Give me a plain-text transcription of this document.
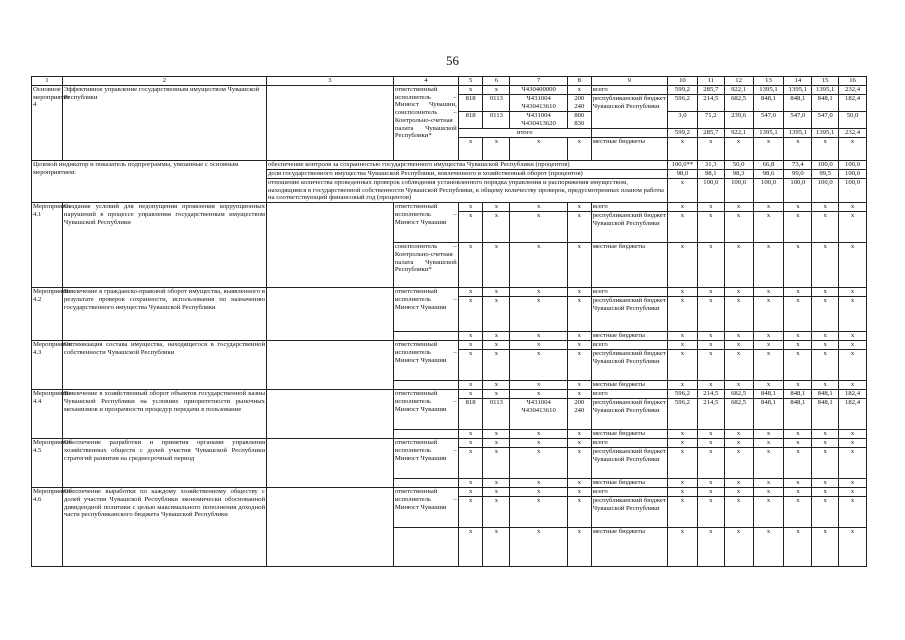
56
1	2	3	4	5	6	7	8	9	10	11	12	13	14	15	16
Основное мероприятие 4	Эффективное управление государственным имуществом Чувашской Республики		ответственный исполнитель – Минюст Чувашии, соисполнитель – Контрольно-счетная палата Чувашской Республики*	x	x	Ч430400000	x	всего	599,2	285,7	922,1	1395,1	1395,1	1395,1	232,4
				818	0113	Ч431004 Ч430413610	200 240	республиканский бюджет Чувашской Республики	596,2	214,5	682,5	848,1	848,1	848,1	182,4
				818	0113	Ч431004 Ч430413620	800 830		3,0	71,2	239,6	547,0	547,0	547,0	50,0
				итого					599,2	285,7	922,1	1395,1	1395,1	1395,1	232,4
				x	x	x	x	местные бюджеты	x	x	x	x	x	x	x
Целевой индикатор и показатель подпрограммы, увязанные с основным мероприятием:		обеспечение контроля за сохранностью государственного имущества Чувашской Республики (процентов)							100,0**	31,3	50,0	66,8	73,4	100,0	100,0
		доля государственного имущества Чувашской Республики, вовлеченного в хозяйственный оборот (процентов)							98,0	98,1	98,3	98,6	99,0	99,5	100,0
		отношение количества проведенных проверок соблюдения установленного порядка управления и распоряжения имуществом, находящимся в государственной собственности Чувашской Республики, к общему количеству проверок, предусмотренных планом работы на соответствующий финансовый год (процентов)							x	100,0	100,0	100,0	100,0	100,0	100,0
Мероприятие 4.1	Создание условий для недопущения проявления коррупционных нарушений в процессе управления государственным имуществом Чувашской Республики		ответственный исполнитель – Минюст Чувашии	x	x	x	x	всего	x	x	x	x	x	x	x
				x	x	x	x	республиканский бюджет Чувашской Республики	x	x	x	x	x	x	x
			соисполнитель – Контрольно-счетная палата Чувашской Республики*	x	x	x	x	местные бюджеты	x	x	x	x	x	x	x
Мероприятие 4.2	Вовлечение в гражданско-правовой оборот имущества, выявленного в результате проверок сохранности, использования по назначению государственного имущества Чувашской Республики		ответственный исполнитель – Минюст Чувашии	x	x	x	x	всего	x	x	x	x	x	x	x
				x	x	x	x	республиканский бюджет Чувашской Республики	x	x	x	x	x	x	x
				x	x	x	x	местные бюджеты	x	x	x	x	x	x	x
Мероприятие 4.3	Оптимизация состава имущества, находящегося в государственной собственности Чувашской Республики		ответственный исполнитель – Минюст Чувашии	x	x	x	x	всего	x	x	x	x	x	x	x
				x	x	x	x	республиканский бюджет Чувашской Республики	x	x	x	x	x	x	x
				x	x	x	x	местные бюджеты	x	x	x	x	x	x	x
Мероприятие 4.4	Вовлечение в хозяйственный оборот объектов государственной казны Чувашской Республики на условиях приоритетности рыночных механизмов и прозрачности процедур передачи в пользование		ответственный исполнитель – Минюст Чувашии	x	x	x	x	всего	596,2	214,5	682,5	848,1	848,1	848,1	182,4
				818	0113	Ч431004 Ч430413610	200 240	республиканский бюджет Чувашской Республики	596,2	214,5	682,5	848,1	848,1	848,1	182,4
				x	x	x	x	местные бюджеты	x	x	x	x	x	x	x
Мероприятие 4.5	Обеспечение разработки и принятия органами управления хозяйственных обществ с долей участия Чувашской Республики стратегий развития на среднесрочный период		ответственный исполнитель – Минюст Чувашии	x	x	x	x	всего	x	x	x	x	x	x	x
				x	x	x	x	республиканский бюджет Чувашской Республики	x	x	x	x	x	x	x
				x	x	x	x	местные бюджеты	x	x	x	x	x	x	x
Мероприятие 4.6	Обеспечение выработки по каждому хозяйственному обществу с долей участия Чувашской Республики экономически обоснованной дивидендной политики с целью максимального пополнения доходной части республиканского бюджета Чувашской Республики		ответственный исполнитель – Минюст Чувашии	x	x	x	x	всего	x	x	x	x	x	x	x
				x	x	x	x	республиканский бюджет Чувашской Республики	x	x	x	x	x	x	x
				x	x	x	x	местные бюджеты	x	x	x	x	x	x	x
